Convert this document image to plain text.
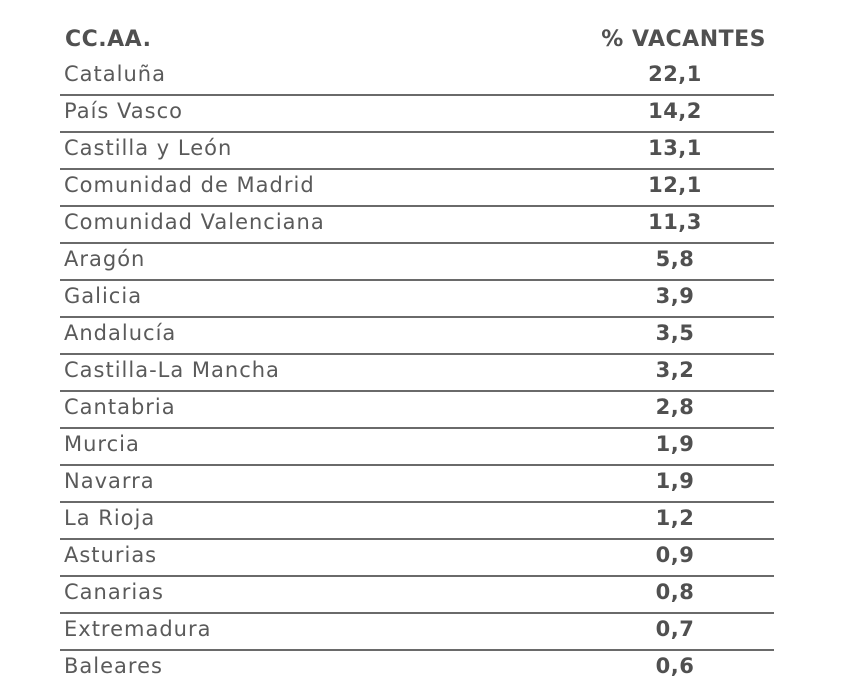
CC.AA.	% VACANTES
Cataluña	22,1
País Vasco	14,2
Castilla y León	13,1
Comunidad de Madrid	12,1
Comunidad Valenciana	11,3
Aragón	5,8
Galicia	3,9
Andalucía	3,5
Castilla-La Mancha	3,2
Cantabria	2,8
Murcia	1,9
Navarra	1,9
La Rioja	1,2
Asturias	0,9
Canarias	0,8
Extremadura	0,7
Baleares	0,6
